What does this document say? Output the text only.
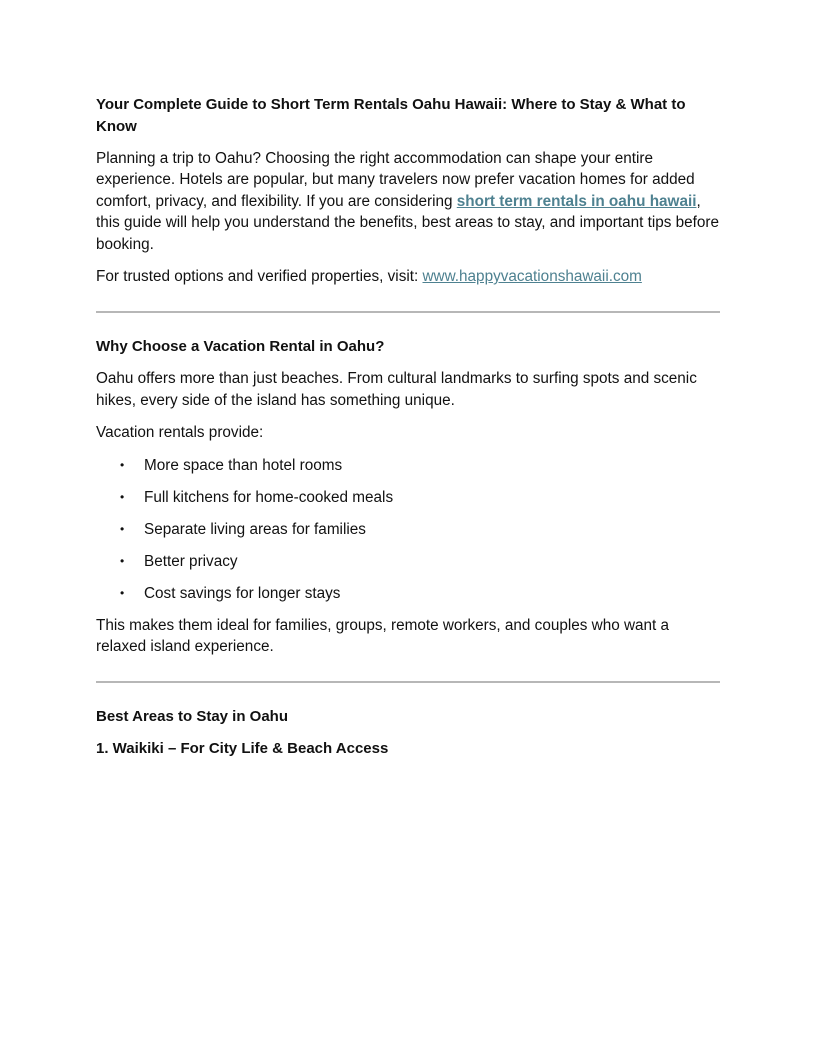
Your Complete Guide to Short Term Rentals Oahu Hawaii: Where to Stay & What to Know

Planning a trip to Oahu? Choosing the right accommodation can shape your entire experience. Hotels are popular, but many travelers now prefer vacation homes for added comfort, privacy, and flexibility. If you are considering short term rentals in oahu hawaii, this guide will help you understand the benefits, best areas to stay, and important tips before booking.

For trusted options and verified properties, visit: www.happyvacationshawaii.com

Why Choose a Vacation Rental in Oahu?

Oahu offers more than just beaches. From cultural landmarks to surfing spots and scenic hikes, every side of the island has something unique.

Vacation rentals provide:

• More space than hotel rooms
• Full kitchens for home-cooked meals
• Separate living areas for families
• Better privacy
• Cost savings for longer stays

This makes them ideal for families, groups, remote workers, and couples who want a relaxed island experience.

Best Areas to Stay in Oahu
1. Waikiki – For City Life & Beach Access
